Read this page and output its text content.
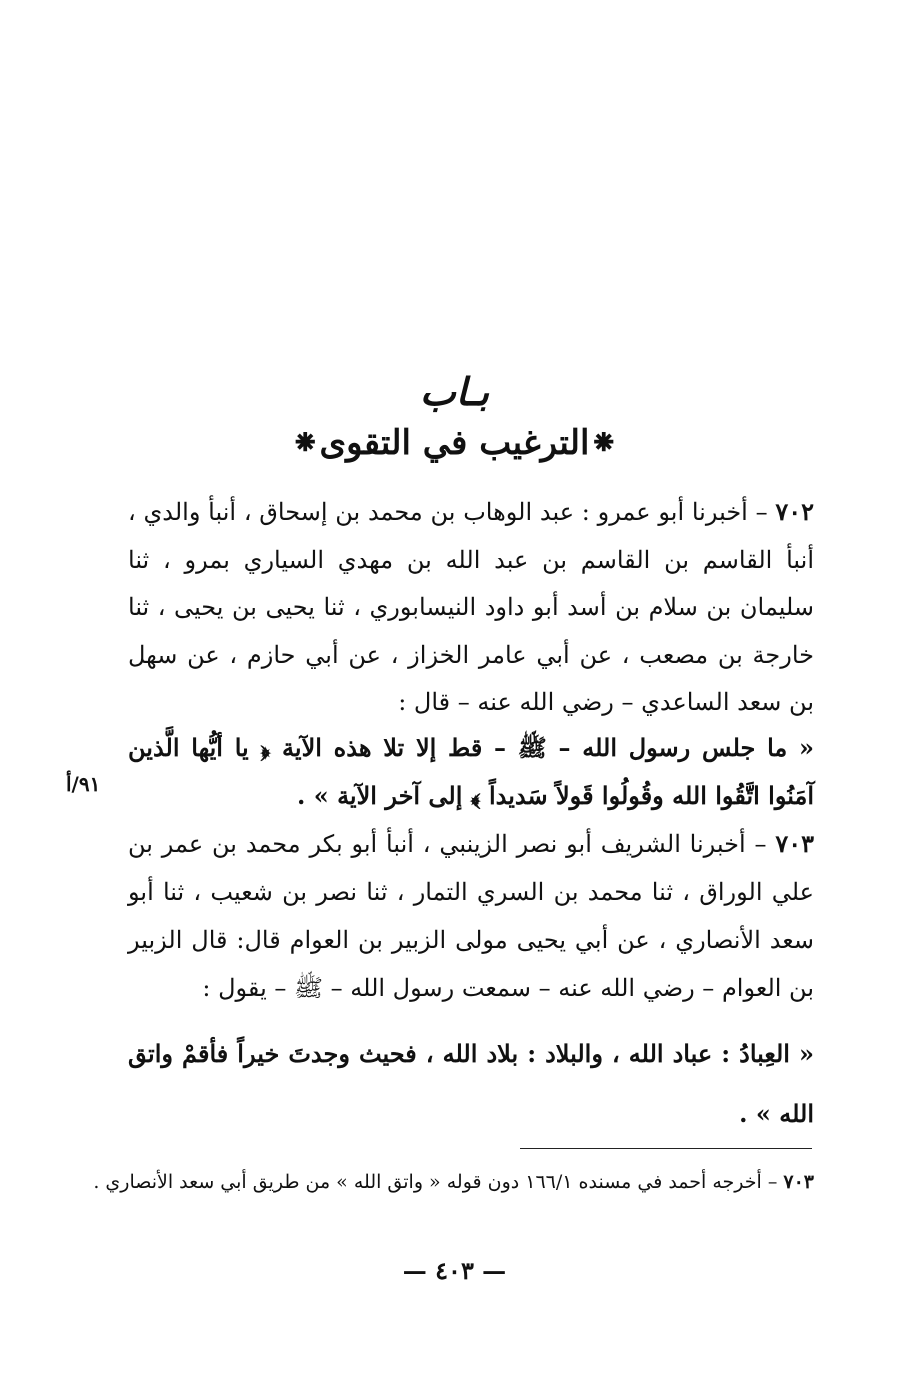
بـاب
⁕الترغيب في التقوى⁕
٧٠٢ – أخبرنا أبو عمرو : عبد الوهاب بن محمد بن إسحاق ، أنبأ والدي ، أنبأ القاسم بن القاسم بن عبد الله بن مهدي السياري بمرو ، ثنا سليمان بن سلام بن أسد أبو داود النيسابوري ، ثنا يحيى بن يحيى ، ثنا خارجة بن مصعب ، عن أبي عامر الخزاز ، عن أبي حازم ، عن سهل بن سعد الساعدي – رضي الله عنه – قال :
« ما جلس رسول الله – ﷺ – قط إلا تلا هذه الآية ﴿ يا أيُّها الَّذين آمَنُوا اتَّقُوا الله وقُولُوا قَولاً سَديداً ﴾ إلى آخر الآية » .
٩١/أ
٧٠٣ – أخبرنا الشريف أبو نصر الزينبي ، أنبأ أبو بكر محمد بن عمر بن علي الوراق ، ثنا محمد بن السري التمار ، ثنا نصر بن شعيب ، ثنا أبو سعد الأنصاري ، عن أبي يحيى مولى الزبير بن العوام قال: قال الزبير بن العوام – رضي الله عنه – سمعت رسول الله – ﷺ – يقول :
« العِبادُ : عباد الله ، والبلاد : بلاد الله ، فحيث وجدتَ خيراً فأقمْ واتق الله » .
٧٠٣ – أخرجه أحمد في مسنده ١٦٦/١ دون قوله « واتق الله » من طريق أبي سعد الأنصاري .
— ٤٠٣ —
